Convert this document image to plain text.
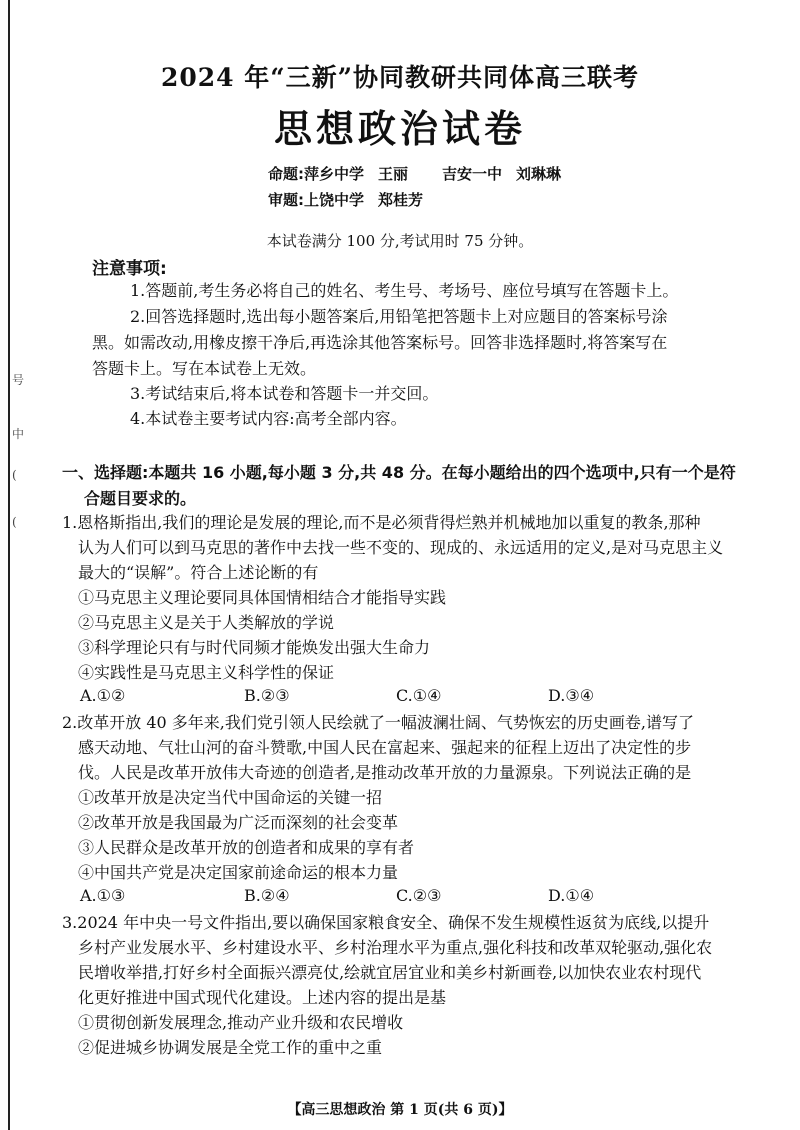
号
中
(
(
2024 年“三新”协同教研共同体高三联考
思想政治试卷
命题:萍乡中学 王丽 吉安一中 刘琳琳
审题:上饶中学 郑桂芳
本试卷满分 100 分,考试用时 75 分钟。
注意事项:
1.答题前,考生务必将自己的姓名、考生号、考场号、座位号填写在答题卡上。
2.回答选择题时,选出每小题答案后,用铅笔把答题卡上对应题目的答案标号涂
黑。如需改动,用橡皮擦干净后,再选涂其他答案标号。回答非选择题时,将答案写在
答题卡上。写在本试卷上无效。
3.考试结束后,将本试卷和答题卡一并交回。
4.本试卷主要考试内容:高考全部内容。
一、选择题:本题共 16 小题,每小题 3 分,共 48 分。在每小题给出的四个选项中,只有一个是符
合题目要求的。
1.恩格斯指出,我们的理论是发展的理论,而不是必须背得烂熟并机械地加以重复的教条,那种
认为人们可以到马克思的著作中去找一些不变的、现成的、永远适用的定义,是对马克思主义
最大的“误解”。符合上述论断的有
①马克思主义理论要同具体国情相结合才能指导实践
②马克思主义是关于人类解放的学说
③科学理论只有与时代同频才能焕发出强大生命力
④实践性是马克思主义科学性的保证
A.①②	B.②③	C.①④	D.③④
2.改革开放 40 多年来,我们党引领人民绘就了一幅波澜壮阔、气势恢宏的历史画卷,谱写了
感天动地、气壮山河的奋斗赞歌,中国人民在富起来、强起来的征程上迈出了决定性的步
伐。人民是改革开放伟大奇迹的创造者,是推动改革开放的力量源泉。下列说法正确的是
①改革开放是决定当代中国命运的关键一招
②改革开放是我国最为广泛而深刻的社会变革
③人民群众是改革开放的创造者和成果的享有者
④中国共产党是决定国家前途命运的根本力量
A.①③	B.②④	C.②③	D.①④
3.2024 年中央一号文件指出,要以确保国家粮食安全、确保不发生规模性返贫为底线,以提升
乡村产业发展水平、乡村建设水平、乡村治理水平为重点,强化科技和改革双轮驱动,强化农
民增收举措,打好乡村全面振兴漂亮仗,绘就宜居宜业和美乡村新画卷,以加快农业农村现代
化更好推进中国式现代化建设。上述内容的提出是基
①贯彻创新发展理念,推动产业升级和农民增收
②促进城乡协调发展是全党工作的重中之重
【高三思想政治 第 1 页(共 6 页)】
